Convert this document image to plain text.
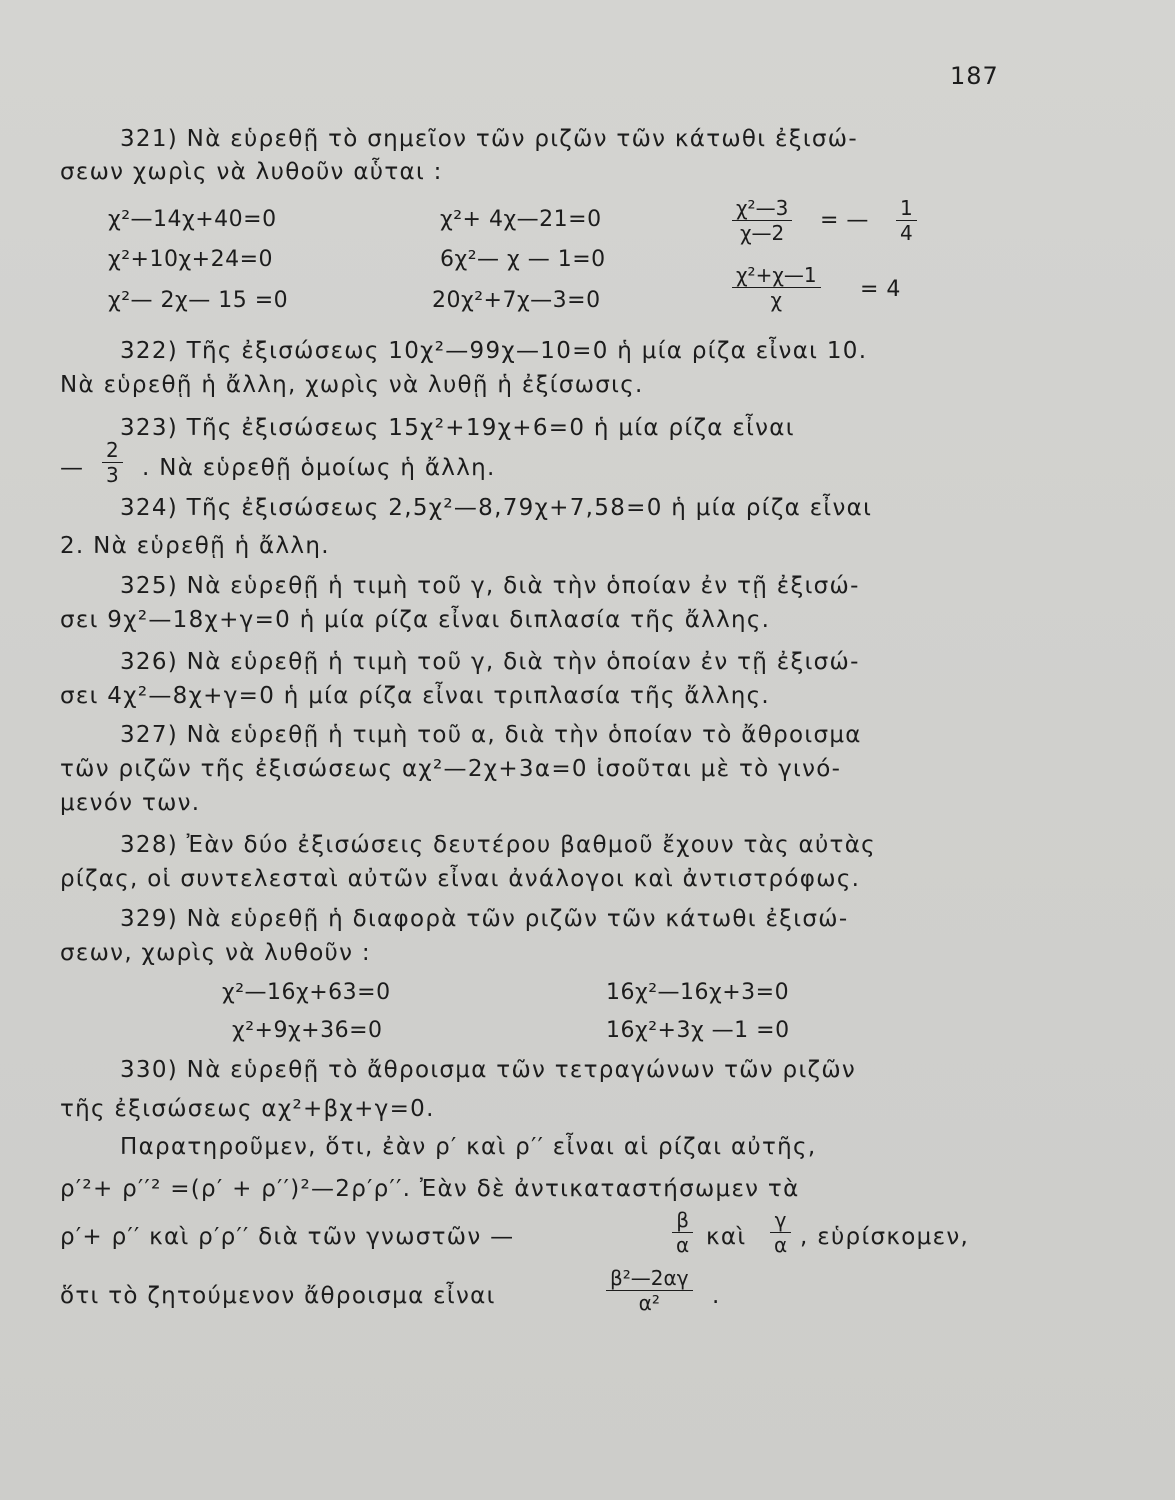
187
321) Νὰ εὑρεθῇ τὸ σημεῖον τῶν ριζῶν τῶν κάτωθι ἐξισώ-
σεων χωρὶς νὰ λυθοῦν αὗται :
χ²—14χ+40=0
χ²+10χ+24=0
χ²— 2χ— 15 =0
χ²+ 4χ—21=0
6χ²— χ — 1=0
20χ²+7χ—3=0
$\frac{\text{χ²—3}}{\chi—2}$ = — $\frac{1}{4}$
$\frac{\text{χ²+χ—1}}{\chi} = 4$
322) Τῆς ἐξισώσεως 10χ²—99χ—10=0 ἡ μία ρίζα εἶναι 10.
Νὰ εὑρεθῇ ἡ ἄλλη, χωρὶς νὰ λυθῇ ἡ ἐξίσωσις.
323) Τῆς ἐξισώσεως 15χ²+19χ+6=0 ἡ μία ρίζα εἶναι
— $\frac{2}{3}$ . Νὰ εὑρεθῇ ὁμοίως ἡ ἄλλη.
324) Τῆς ἐξισώσεως 2,5χ²—8,79χ+7,58=0 ἡ μία ρίζα εἶναι
2. Νὰ εὑρεθῇ ἡ ἄλλη.
325) Νὰ εὑρεθῇ ἡ τιμὴ τοῦ γ, διὰ τὴν ὁποίαν ἐν τῇ ἐξισώ-
σει 9χ²—18χ+γ=0 ἡ μία ρίζα εἶναι διπλασία τῆς ἄλλης.
326) Νὰ εὑρεθῇ ἡ τιμὴ τοῦ γ, διὰ τὴν ὁποίαν ἐν τῇ ἐξισώ-
σει 4χ²—8χ+γ=0 ἡ μία ρίζα εἶναι τριπλασία τῆς ἄλλης.
327) Νὰ εὑρεθῇ ἡ τιμὴ τοῦ α, διὰ τὴν ὁποίαν τὸ ἄθροισμα
τῶν ριζῶν τῆς ἐξισώσεως αχ²—2χ+3α=0 ἰσοῦται μὲ τὸ γινό-
μενόν των.
328) Ἐὰν δύο ἐξισώσεις δευτέρου βαθμοῦ ἔχουν τὰς αὐτὰς
ρίζας, οἱ συντελεσταὶ αὐτῶν εἶναι ἀνάλογοι καὶ ἀντιστρόφως.
329) Νὰ εὑρεθῇ ἡ διαφορὰ τῶν ριζῶν τῶν κάτωθι ἐξισώ-
σεων, χωρὶς νὰ λυθοῦν :
χ²—16χ+63=0
χ²+9χ+36=0
16χ²—16χ+3=0
16χ²+3χ —1 =0
330) Νὰ εὑρεθῇ τὸ ἄθροισμα τῶν τετραγώνων τῶν ριζῶν
τῆς ἐξισώσεως αχ²+βχ+γ=0.
Παρατηροῦμεν, ὅτι, ἐὰν ρ′ καὶ ρ′′ εἶναι αἱ ρίζαι αὐτῆς,
ρ′²+ ρ′′² =(ρ′ + ρ′′)²—2ρ′ρ′′. Ἐὰν δὲ ἀντικαταστήσωμεν τὰ
ρ′+ ρ′′ καὶ ρ′ρ′′ διὰ τῶν γνωστῶν —	$\frac{\beta}{\alpha}$ καὶ $\frac{\gamma}{\alpha}$ , εὑρίσκομεν,
ὅτι τὸ ζητούμενον ἄθροισμα εἶναι	$\frac{\text{β²—2αγ}}{\text{α²}}$ .
